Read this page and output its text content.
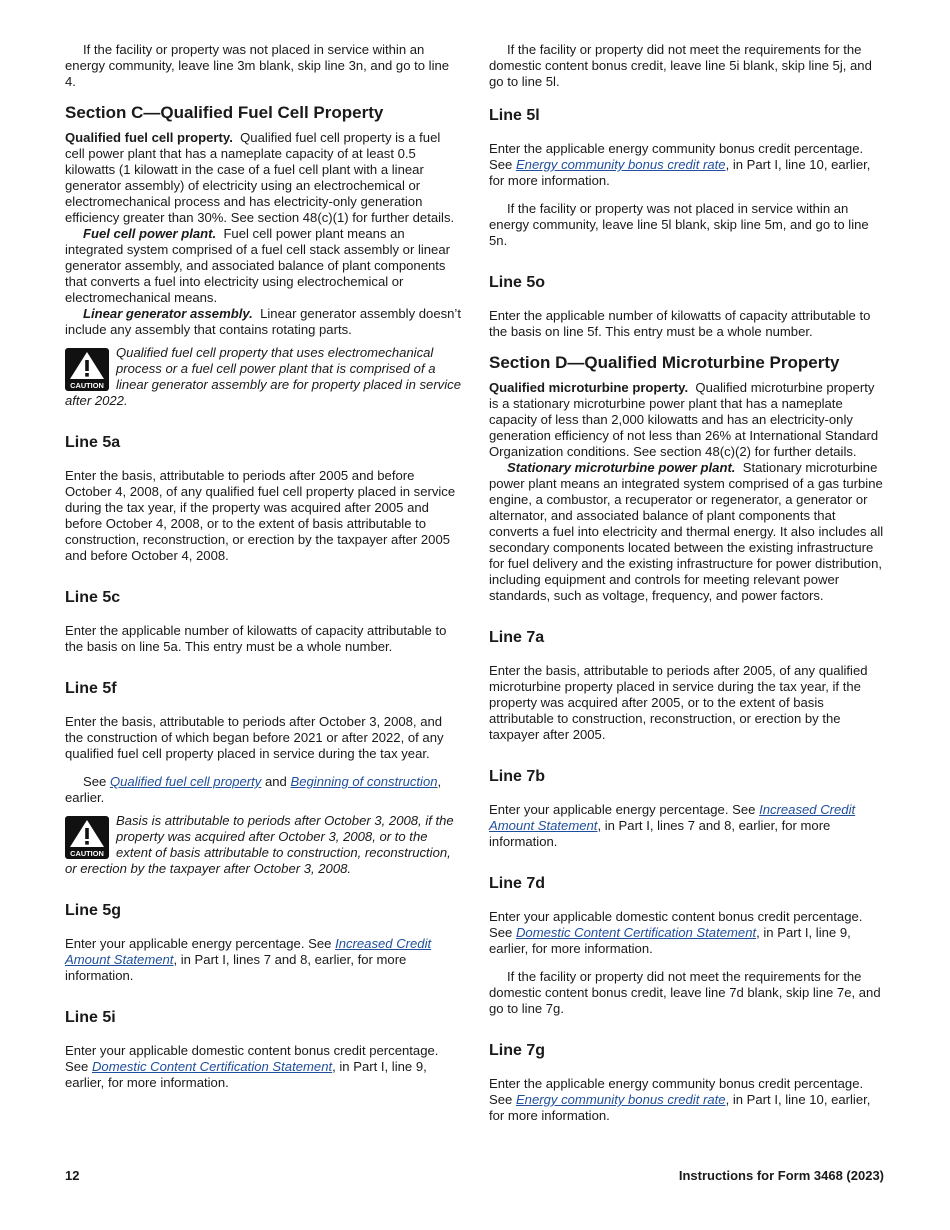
If the facility or property was not placed in service within an energy community, leave line 3m blank, skip line 3n, and go to line 4.

Section C—Qualified Fuel Cell Property

Qualified fuel cell property. Qualified fuel cell property is a fuel cell power plant that has a nameplate capacity of at least 0.5 kilowatts (1 kilowatt in the case of a fuel cell plant with a linear generator assembly) of electricity using an electrochemical or electromechanical process and has electricity-only generation efficiency greater than 30%. See section 48(c)(1) for further details.

Fuel cell power plant. Fuel cell power plant means an integrated system comprised of a fuel cell stack assembly or linear generator assembly, and associated balance of plant components that converts a fuel into electricity using electrochemical or electromechanical means.

Linear generator assembly. Linear generator assembly doesn’t include any assembly that contains rotating parts.

CAUTION

Qualified fuel cell property that uses electromechanical process or a fuel cell power plant that is comprised of a linear generator assembly are for property placed in service after 2022.

Line 5a

Enter the basis, attributable to periods after 2005 and before October 4, 2008, of any qualified fuel cell property placed in service during the tax year, if the property was acquired after 2005 and before October 4, 2008, or to the extent of basis attributable to construction, reconstruction, or erection by the taxpayer after 2005 and before October 4, 2008.

Line 5c

Enter the applicable number of kilowatts of capacity attributable to the basis on line 5a. This entry must be a whole number.

Line 5f

Enter the basis, attributable to periods after October 3, 2008, and the construction of which began before 2021 or after 2022, of any qualified fuel cell property placed in service during the tax year.

See Qualified fuel cell property and Beginning of construction, earlier.

CAUTION

Basis is attributable to periods after October 3, 2008, if the property was acquired after October 3, 2008, or to the extent of basis attributable to construction, reconstruction, or erection by the taxpayer after October 3, 2008.

Line 5g

Enter your applicable energy percentage. See Increased Credit Amount Statement, in Part I, lines 7 and 8, earlier, for more information.

Line 5i

Enter your applicable domestic content bonus credit percentage. See Domestic Content Certification Statement, in Part I, line 9, earlier, for more information.

If the facility or property did not meet the requirements for the domestic content bonus credit, leave line 5i blank, skip line 5j, and go to line 5l.

Line 5l

Enter the applicable energy community bonus credit percentage. See Energy community bonus credit rate, in Part I, line 10, earlier, for more information.

If the facility or property was not placed in service within an energy community, leave line 5l blank, skip line 5m, and go to line 5n.

Line 5o

Enter the applicable number of kilowatts of capacity attributable to the basis on line 5f. This entry must be a whole number.

Section D—Qualified Microturbine Property

Qualified microturbine property. Qualified microturbine property is a stationary microturbine power plant that has a nameplate capacity of less than 2,000 kilowatts and has an electricity-only generation efficiency of not less than 26% at International Standard Organization conditions. See section 48(c)(2) for further details.

Stationary microturbine power plant. Stationary microturbine power plant means an integrated system comprised of a gas turbine engine, a combustor, a recuperator or regenerator, a generator or alternator, and associated balance of plant components that converts a fuel into electricity and thermal energy. It also includes all secondary components located between the existing infrastructure for fuel delivery and the existing infrastructure for power distribution, including equipment and controls for meeting relevant power standards, such as voltage, frequency, and power factors.

Line 7a

Enter the basis, attributable to periods after 2005, of any qualified microturbine property placed in service during the tax year, if the property was acquired after 2005, or to the extent of basis attributable to construction, reconstruction, or erection by the taxpayer after 2005.

Line 7b

Enter your applicable energy percentage. See Increased Credit Amount Statement, in Part I, lines 7 and 8, earlier, for more information.

Line 7d

Enter your applicable domestic content bonus credit percentage. See Domestic Content Certification Statement, in Part I, line 9, earlier, for more information.

If the facility or property did not meet the requirements for the domestic content bonus credit, leave line 7d blank, skip line 7e, and go to line 7g.

Line 7g

Enter the applicable energy community bonus credit percentage. See Energy community bonus credit rate, in Part I, line 10, earlier, for more information.

12	Instructions for Form 3468 (2023)
